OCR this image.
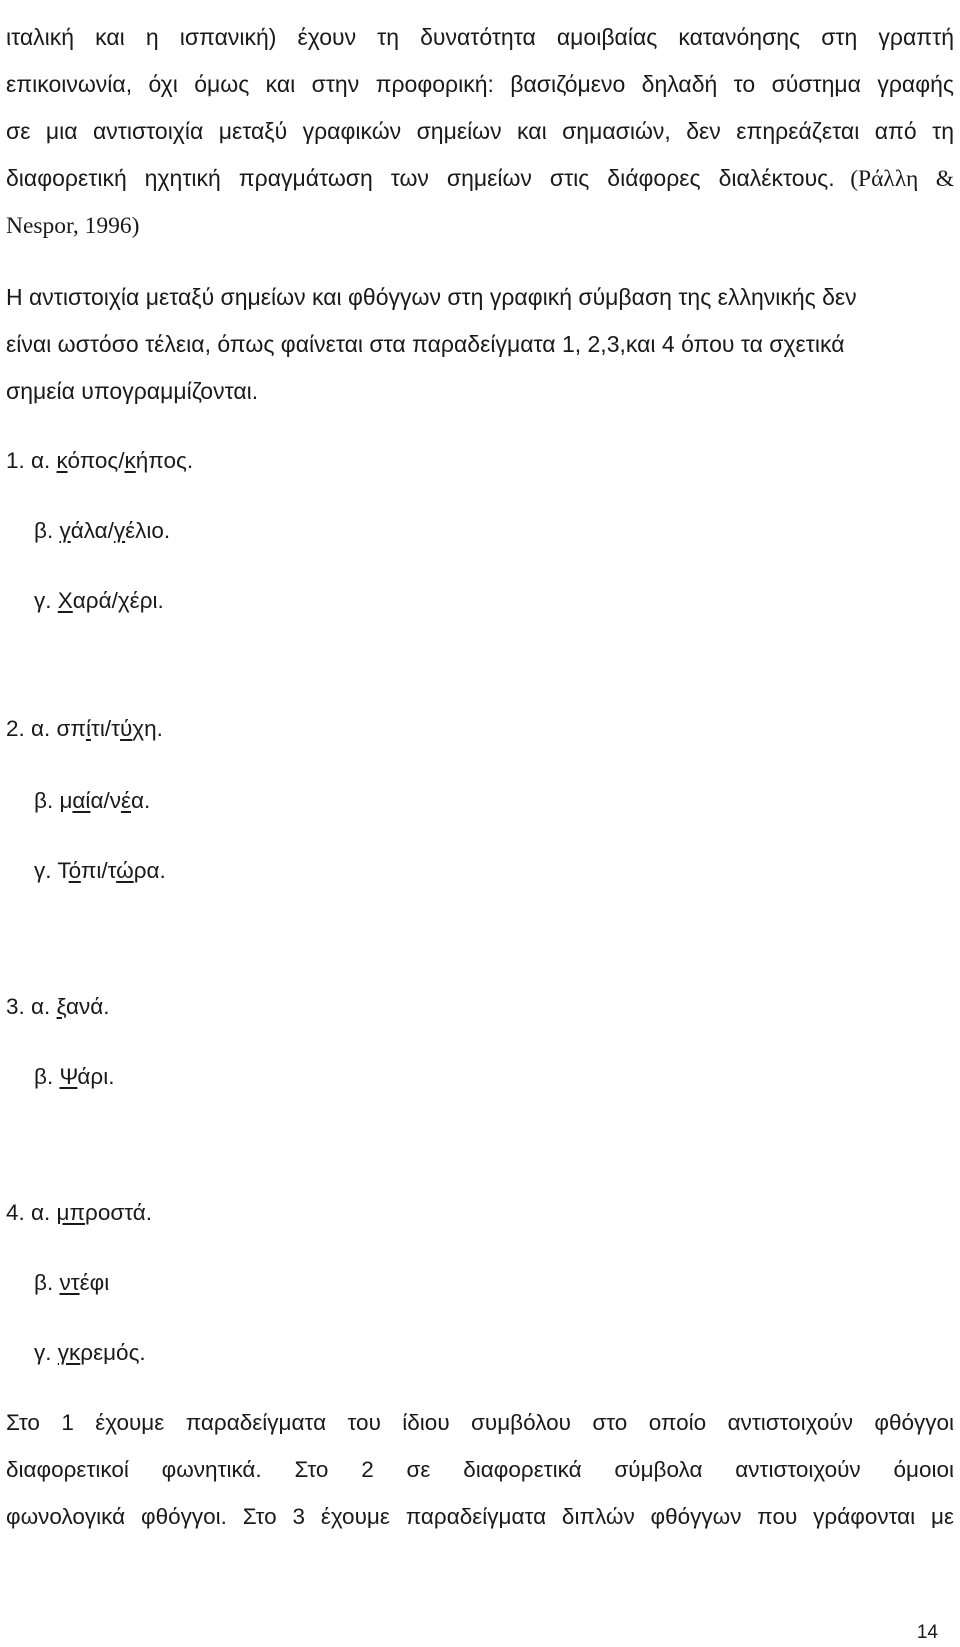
ιταλική και η ισπανική) έχουν τη δυνατότητα αμοιβαίας κατανόησης στη γραπτή

επικοινωνία, όχι όμως και στην προφορική: βασιζόμενο δηλαδή το σύστημα γραφής

σε μια αντιστοιχία μεταξύ γραφικών σημείων και σημασιών, δεν επηρεάζεται από τη

διαφορετική ηχητική πραγμάτωση των σημείων στις διάφορες διαλέκτους. (Ράλλη &

Nespor, 1996)

Η αντιστοιχία μεταξύ σημείων και φθόγγων στη γραφική σύμβαση της ελληνικής δεν

είναι ωστόσο τέλεια, όπως φαίνεται στα παραδείγματα 1, 2,3,και 4 όπου τα σχετικά

σημεία υπογραμμίζονται.

1. α. κόπος/κήπος.

β. γάλα/γέλιο.

γ. Χαρά/χέρι.

2. α. σπίτι/τύχη.

β. μαία/νέα.

γ. Τόπι/τώρα.

3. α. ξανά.

β. Ψάρι.

4. α. μπροστά.

β. ντέφι

γ. γκρεμός.

Στο 1 έχουμε παραδείγματα του ίδιου συμβόλου στο οποίο αντιστοιχούν φθόγγοι

διαφορετικοί φωνητικά. Στο 2 σε διαφορετικά σύμβολα αντιστοιχούν όμοιοι

φωνολογικά φθόγγοι. Στο 3 έχουμε παραδείγματα διπλών φθόγγων που γράφονται με

14
